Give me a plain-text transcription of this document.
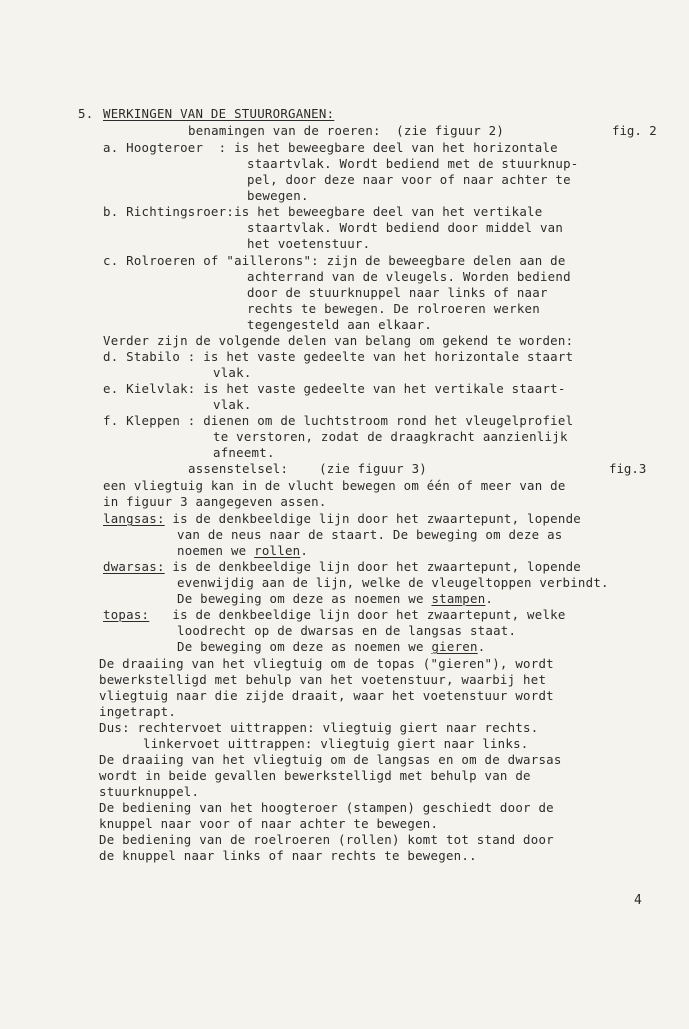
5. WERKINGEN VAN DE STUURORGANEN:
benamingen van de roeren:  (zie figuur 2)	fig. 2
a. Hoogteroer  : is het beweegbare deel van het horizontale
staartvlak. Wordt bediend met de stuurknup-
pel, door deze naar voor of naar achter te
bewegen.
b. Richtingsroer:is het beweegbare deel van het vertikale
staartvlak. Wordt bediend door middel van
het voetenstuur.
c. Rolroeren of "aillerons": zijn de beweegbare delen aan de
achterrand van de vleugels. Worden bediend
door de stuurknuppel naar links of naar
rechts te bewegen. De rolroeren werken
tegengesteld aan elkaar.
Verder zijn de volgende delen van belang om gekend te worden:
d. Stabilo : is het vaste gedeelte van het horizontale staart
vlak.
e. Kielvlak: is het vaste gedeelte van het vertikale staart-
vlak.
f. Kleppen : dienen om de luchtstroom rond het vleugelprofiel
te verstoren, zodat de draagkracht aanzienlijk
afneemt.
assenstelsel:    (zie figuur 3)	fig.3
een vliegtuig kan in de vlucht bewegen om één of meer van de
in figuur 3 aangegeven assen.
langsas: is de denkbeeldige lijn door het zwaartepunt, lopende
van de neus naar de staart. De beweging om deze as
noemen we rollen.
dwarsas: is de denkbeeldige lijn door het zwaartepunt, lopende
evenwijdig aan de lijn, welke de vleugeltoppen verbindt.
De beweging om deze as noemen we stampen.
topas:   is de denkbeeldige lijn door het zwaartepunt, welke
loodrecht op de dwarsas en de langsas staat.
De beweging om deze as noemen we gieren.
De draaiing van het vliegtuig om de topas ("gieren"), wordt
bewerkstelligd met behulp van het voetenstuur, waarbij het
vliegtuig naar die zijde draait, waar het voetenstuur wordt
ingetrapt.
Dus: rechtervoet uittrappen: vliegtuig giert naar rechts.
linkervoet uittrappen: vliegtuig giert naar links.
De draaiing van het vliegtuig om de langsas en om de dwarsas
wordt in beide gevallen bewerkstelligd met behulp van de
stuurknuppel.
De bediening van het hoogteroer (stampen) geschiedt door de
knuppel naar voor of naar achter te bewegen.
De bediening van de roelroeren (rollen) komt tot stand door
de knuppel naar links of naar rechts te bewegen..
4
